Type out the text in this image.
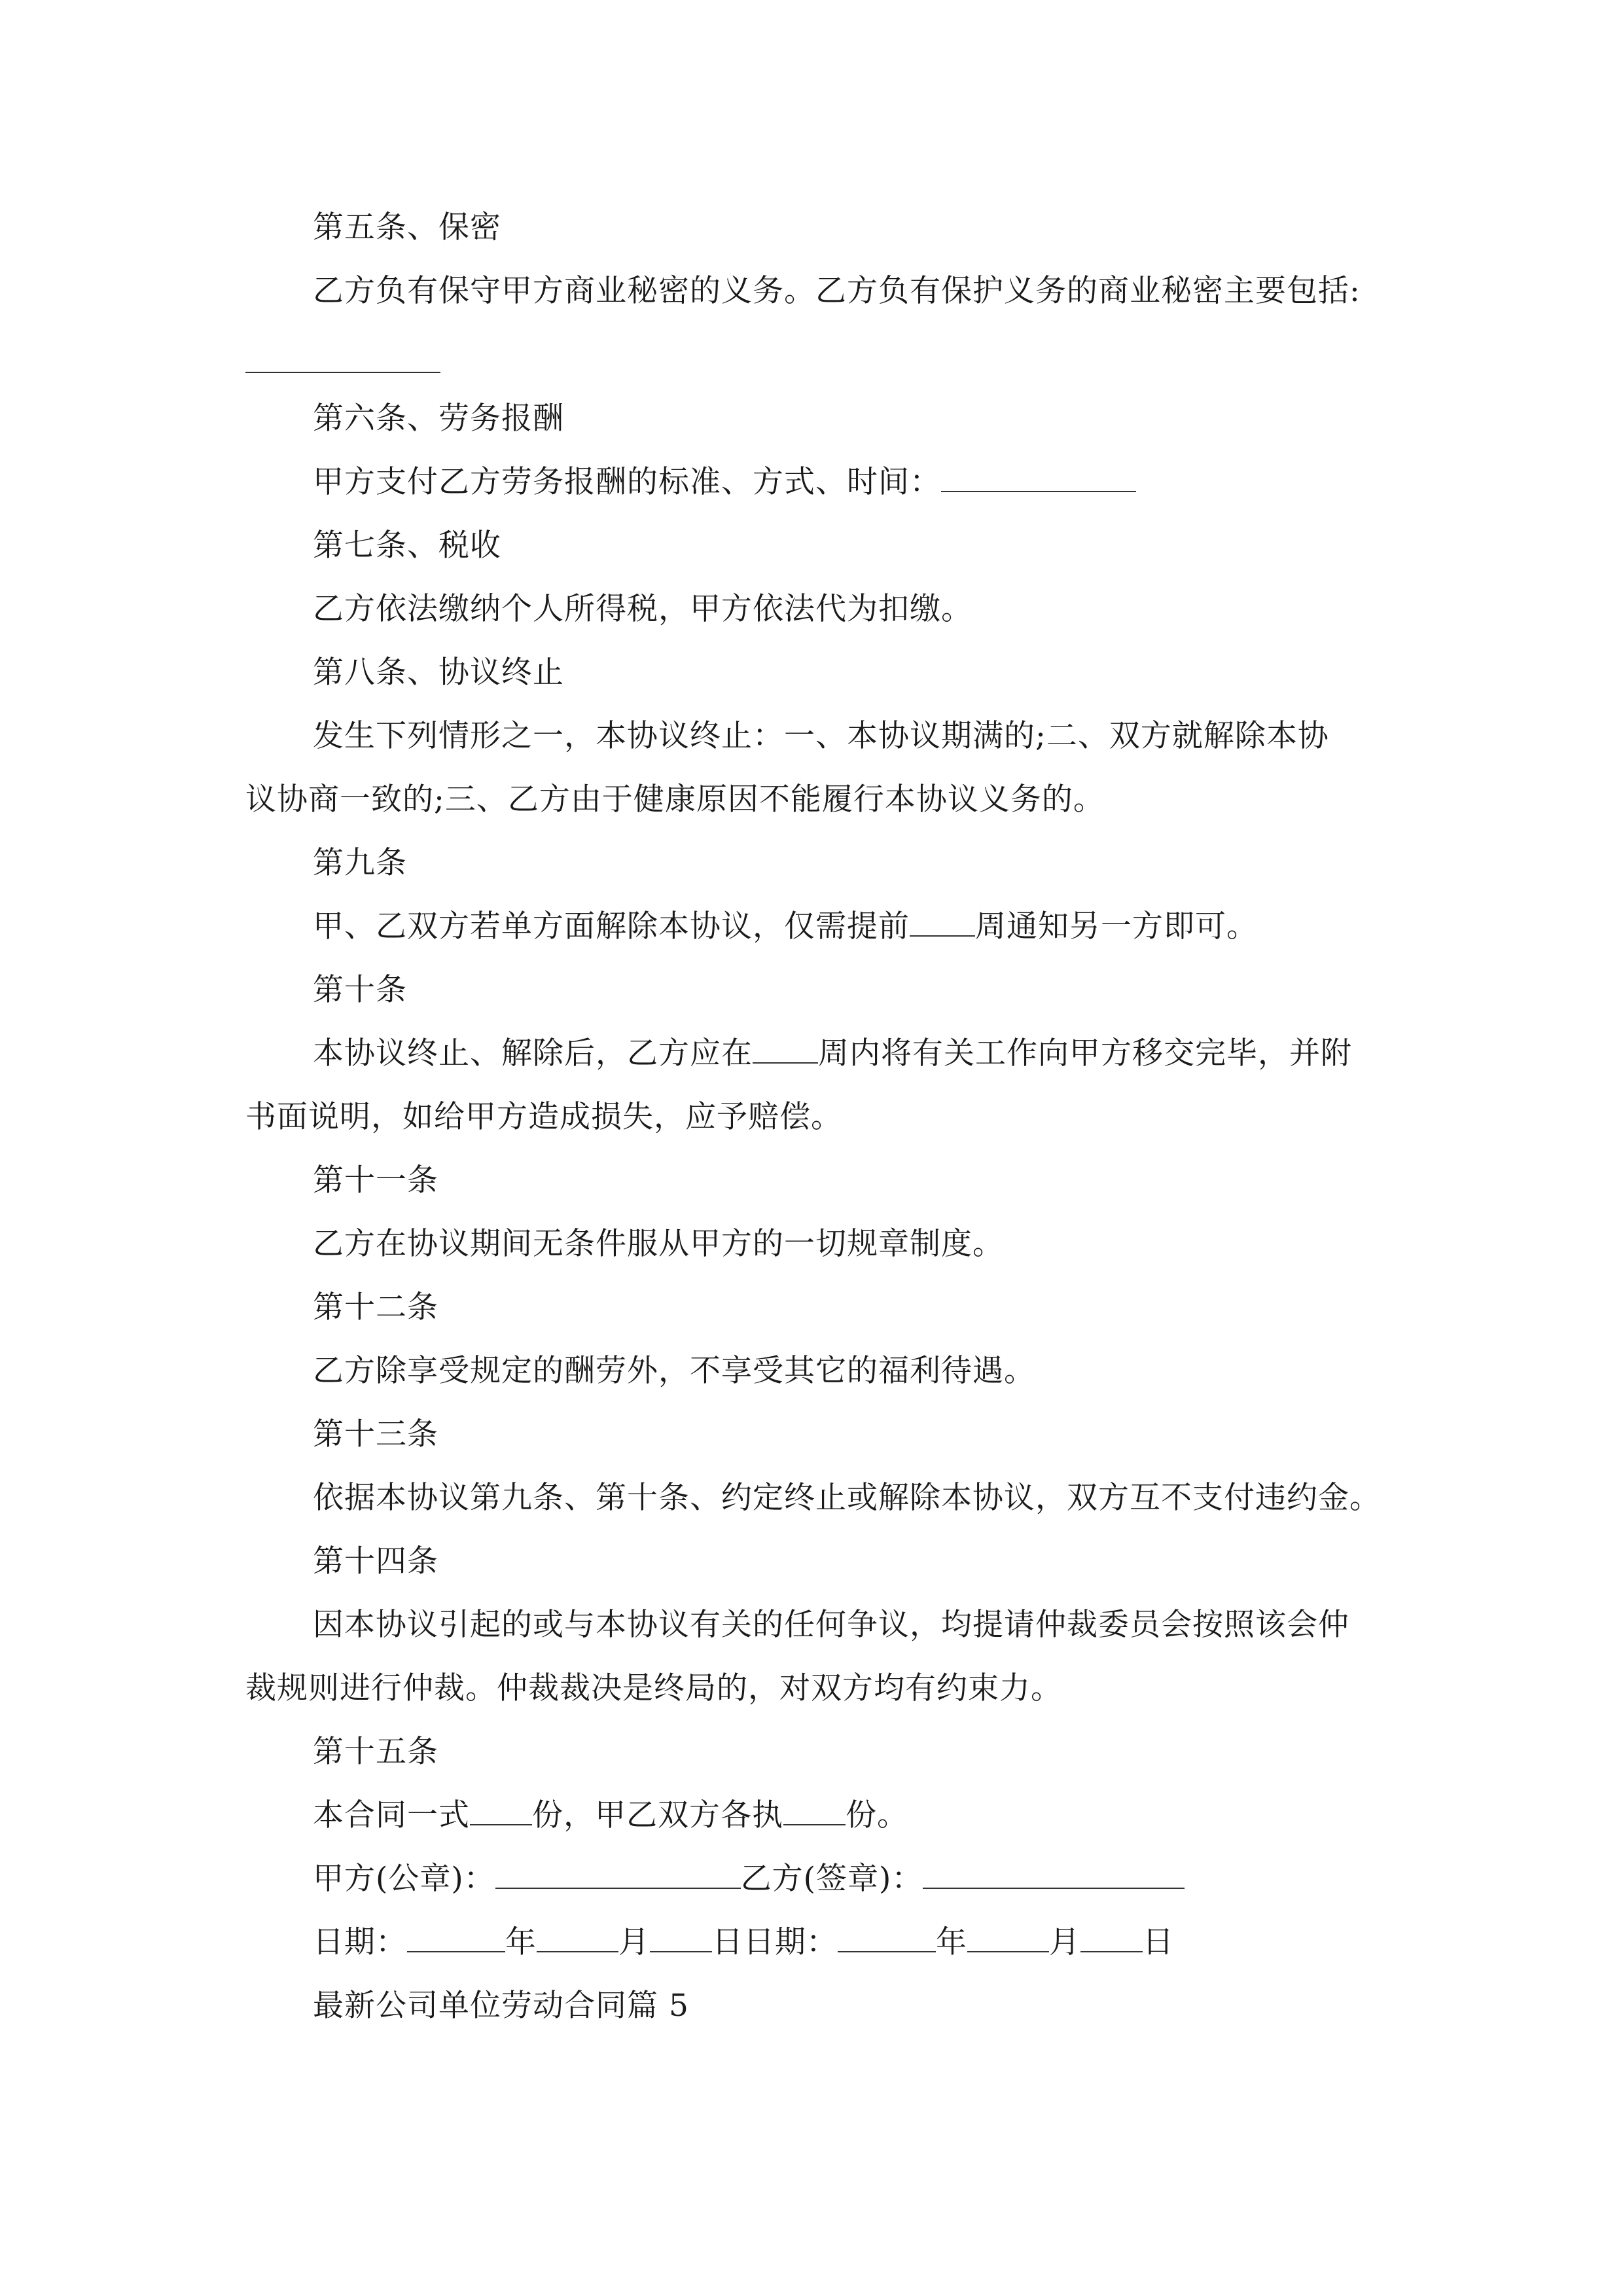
第五条、保密
乙方负有保守甲方商业秘密的义务。乙方负有保护义务的商业秘密主要包括:
第六条、劳务报酬
甲方支付乙方劳务报酬的标准、方式、时间：
第七条、税收
乙方依法缴纳个人所得税，甲方依法代为扣缴。
第八条、协议终止
发生下列情形之一，本协议终止：一、本协议期满的;二、双方就解除本协
议协商一致的;三、乙方由于健康原因不能履行本协议义务的。
第九条
甲、乙双方若单方面解除本协议，仅需提前 周通知另一方即可。
第十条
本协议终止、解除后，乙方应在 周内将有关工作向甲方移交完毕，并附
书面说明，如给甲方造成损失，应予赔偿。
第十一条
乙方在协议期间无条件服从甲方的一切规章制度。
第十二条
乙方除享受规定的酬劳外，不享受其它的福利待遇。
第十三条
依据本协议第九条、第十条、约定终止或解除本协议，双方互不支付违约金。
第十四条
因本协议引起的或与本协议有关的任何争议，均提请仲裁委员会按照该会仲
裁规则进行仲裁。仲裁裁决是终局的，对双方均有约束力。
第十五条
本合同一式 份，甲乙双方各执 份。
甲方(公章)：	乙方(签章)：
日期：	年	月 日日期：	年	月 日
最新公司单位劳动合同篇 5
